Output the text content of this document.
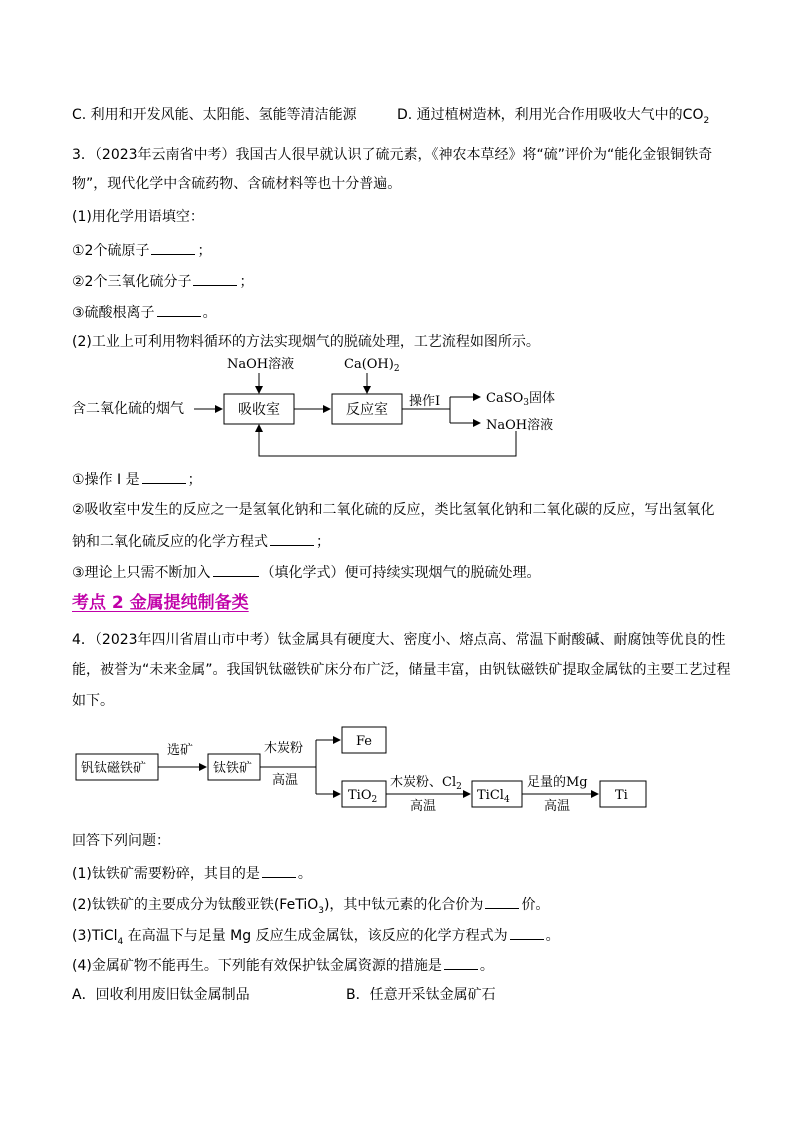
C. 利用和开发风能、太阳能、氢能等清洁能源	D. 通过植树造林，利用光合作用吸收大气中的$CO_2$
3．（2023年云南省中考）我国古人很早就认识了硫元素，《神农本草经》将“硫”评价为“能化金银铜铁奇
物”，现代化学中含硫药物、含硫材料等也十分普遍。
(1)用化学用语填空：
①2个硫原子	；
②2个三氧化硫分子	；
③硫酸根离子	。
(2)工业上可利用物料循环的方法实现烟气的脱硫处理，工艺流程如图所示。
含二氧化硫的烟气
NaOH溶液
吸收室
$Ca(OH)_2$
反应室
操作I	CaSO$_3$固体
NaOH溶液
①操作 I 是	；
②吸收室中发生的反应之一是氢氧化钠和二氧化硫的反应，类比氢氧化钠和二氧化碳的反应，写出氢氧化
钠和二氧化硫反应的化学方程式	；
③理论上只需不断加入	（填化学式）便可持续实现烟气的脱硫处理。
考点 2 金属提纯制备类
4．（2023年四川省眉山市中考）钛金属具有硬度大、密度小、熔点高、常温下耐酸碱、耐腐蚀等优良的性
能，被誉为“未来金属”。我国钒钛磁铁矿床分布广泛，储量丰富，由钒钛磁铁矿提取金属钛的主要工艺过程
如下。
钒钛磁铁矿
选矿
钛铁矿
木炭粉
高温
Fe
TiO$_2$
木炭粉、$Cl_2$
高温
TiCl$_4$
足量的Mg
高温
Ti
回答下列问题：
(1)钛铁矿需要粉碎，其目的是	。
(2)钛铁矿的主要成分为钛酸亚铁(FeTiO$_3$)，其中钛元素的化合价为	价。
(3)TiCl$_4$ 在高温下与足量 Mg 反应生成金属钛，该反应的化学方程式为	。
(4)金属矿物不能再生。下列能有效保护钛金属资源的措施是	。
A．回收利用废旧钛金属制品	B．任意开采钛金属矿石
